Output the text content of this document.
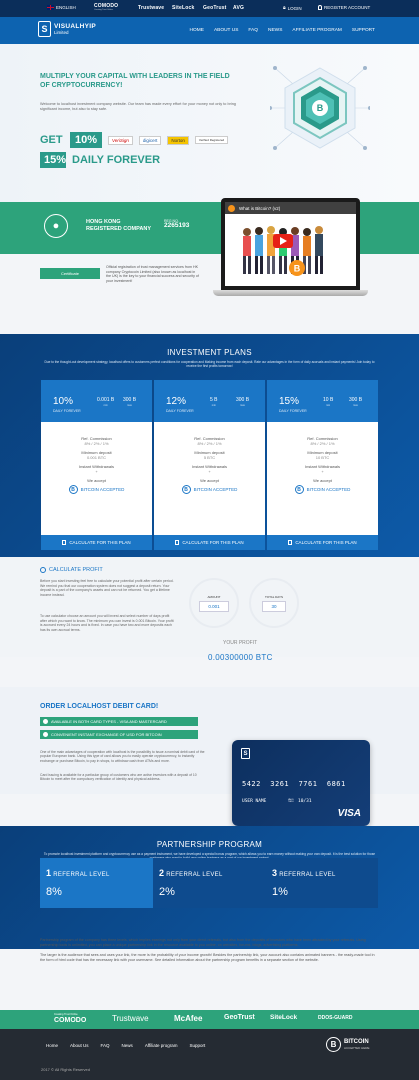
ENGLISH	COMODO
Creating Trust Online	Trustwave SiteLock GeoTrust AVG	🔒︎ LOGIN	REGISTER ACCOUNT
S	VISUALHYIP
Limited	HOME ABOUT US FAQ NEWS AFFILIATE PROGRAM SUPPORT
MULTIPLY YOUR CAPITAL WITH LEADERS IN THE FIELD OF CRYPTOCURRENCY!
Welcome to localhost investment company website. Our team has made every effort for your money not only to bring significant income, but also to stay safe.
GET	10%	VeriSign	digicert	Norton	Verified Registered
15% DAILY FOREVER
B
●	HONG KONG REGISTERED COMPANY
REG NO.
2265193
Certificate
Official registration of trust management services from HK company Cryptocoin Limited (also known as localhost in the UK) is the key to your financial success and security of your investment!
B
What is Bitcoin? (v2)
INVESTMENT PLANS
Due to the thought-out development strategy, localhost offers to customers perfect conditions for cooperation and Making income from each deposit. Rate our advantages in the form of daily accruals and instant payments! Join today to receive the first profits tomorrow!
10%
DAILY FOREVER
0.001 B
min
300 B
max
Ref. Commission
8% / 2% / 1%
Minimum deposit
0.001 BTC
Instant Withdrawals
+
We accept
B	BITCOIN ACCEPTED
CALCULATE FOR THIS PLAN
12%
DAILY FOREVER
5 B
min
300 B
max
Ref. Commission
8% / 2% / 1%
Minimum deposit
5 BTC
Instant Withdrawals
+
We accept
B	BITCOIN ACCEPTED
CALCULATE FOR THIS PLAN
15%
DAILY FOREVER
10 B
min
300 B
max
Ref. Commission
8% / 2% / 1%
Minimum deposit
10 BTC
Instant Withdrawals
+
We accept
B	BITCOIN ACCEPTED
CALCULATE FOR THIS PLAN
CALCULATE PROFIT
Before you start investing feel free to calculate your potential profit after certain period. We remind you that our cooperation system does not suggest a deposit return. Your deposit is a part of the company's assets and can not be returned. You get a lifetime income instead.
To use calculator choose an amount you will invest and select number of days profit after which you want to know. The minimum you can invest is 0.001 Bitcoin. Your profit is accrued every 24 hours and is fixed. In case you have two and more deposits each has its own accrual terms.
AMOUNT
0.001
TOTAL DAYS
30
YOUR PROFIT
0.00300000 BTC
ORDER LOCALHOST DEBIT CARD!
AVAILABLE IN BOTH CARD TYPES - VISA AND MASTERCARD
CONVENIENT INSTANT EXCHANGE OF USD FOR BITCOIN
One of the main advantages of cooperation with localhost is the possibility to issue a nominal debit card of the popular European bank. Using this type of card allows you to easily operate cryptocurrency, to instantly exchange or purchase Bitcoin, to pay in shops, to withdraw cash from ATMs and more.
Card issuing is available for a particular group of customers who are active investors with a deposit of 10 Bitcoin to meet after the compulsory verification of identity and physical address.
S
5422  3261  7761  6861
USER NAME	VALID THRU 10/31
VISA
PARTNERSHIP PROGRAM
To promote localhost investment platform and cryptocurrency use as a payment instrument, we have developed a special bonus program, which allows you to earn money without making your own deposit. It is the best solution for those
1 REFERRAL LEVEL
8%
2 REFERRAL LEVEL
2%
3 REFERRAL LEVEL
1%

Partnership program of the company has three levels, which implies earnings not only from your direct referrals, but also from the deposits of investors who have been attracted by your referrals. Using partnership tools is unlimited, you can place a unique partnership link in the resource available to you online, on websites, forums, blogs, advertising platforms.

The larger is the audience that sees and uses your link, the more is the probability of your income growth! Besides the partnership link, your account also contains animated banners - the ready-made tool in the form of html code that has the necessary link with your username. See detailed information about the partnership program benefits in a separate section of the website.

COMODO
Creating Trust Online	Trustwave	McAfee	GeoTrust SiteLock	DDOS-GUARD
Home	About Us	FAQ	News	Affiliate program	Support
2017 © All Rights Reserved
B	BITCOIN
ACCEPTED HERE
